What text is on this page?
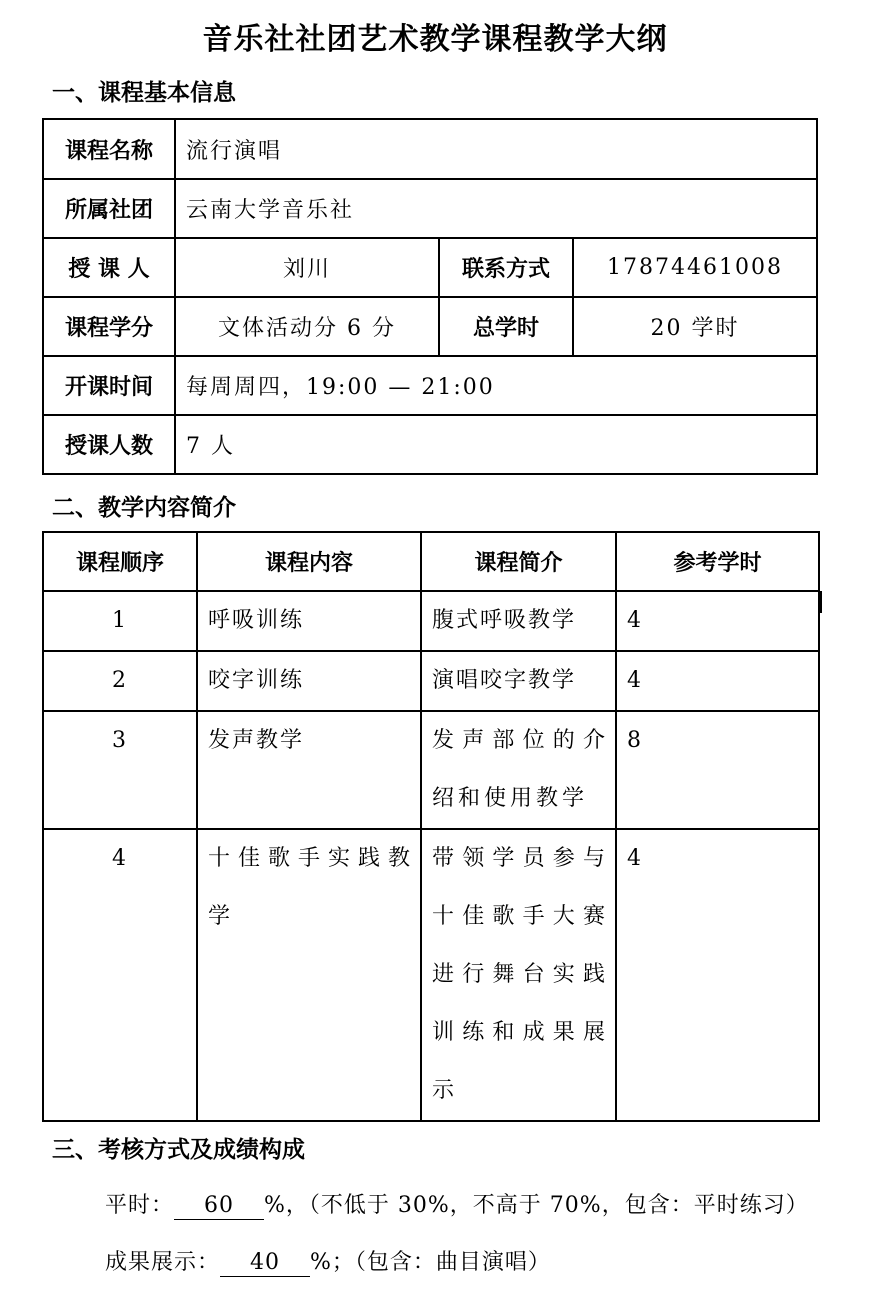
音乐社社团艺术教学课程教学大纲
一、课程基本信息
课程名称	流行演唱		
所属社团	云南大学音乐社		
授 课 人	刘川	联系方式	17874461008
课程学分	文体活动分 6 分	总学时	20 学时
开课时间	每周周四，19:00 — 21:00		
授课人数	7 人		
二、教学内容简介
课程顺序	课程内容	课程简介	参考学时
1	呼吸训练	腹式呼吸教学	4
2	咬字训练	演唱咬字教学	4
3	发声教学	发声部位的介绍和使用教学	8
4	十佳歌手实践教学	带领学员参与十佳歌手大赛进行舞台实践训练和成果展示	4
三、考核方式及成绩构成
平时： 60 %，（不低于 30%，不高于 70%，包含：平时练习）
成果展示： 40 %；（包含：曲目演唱）
